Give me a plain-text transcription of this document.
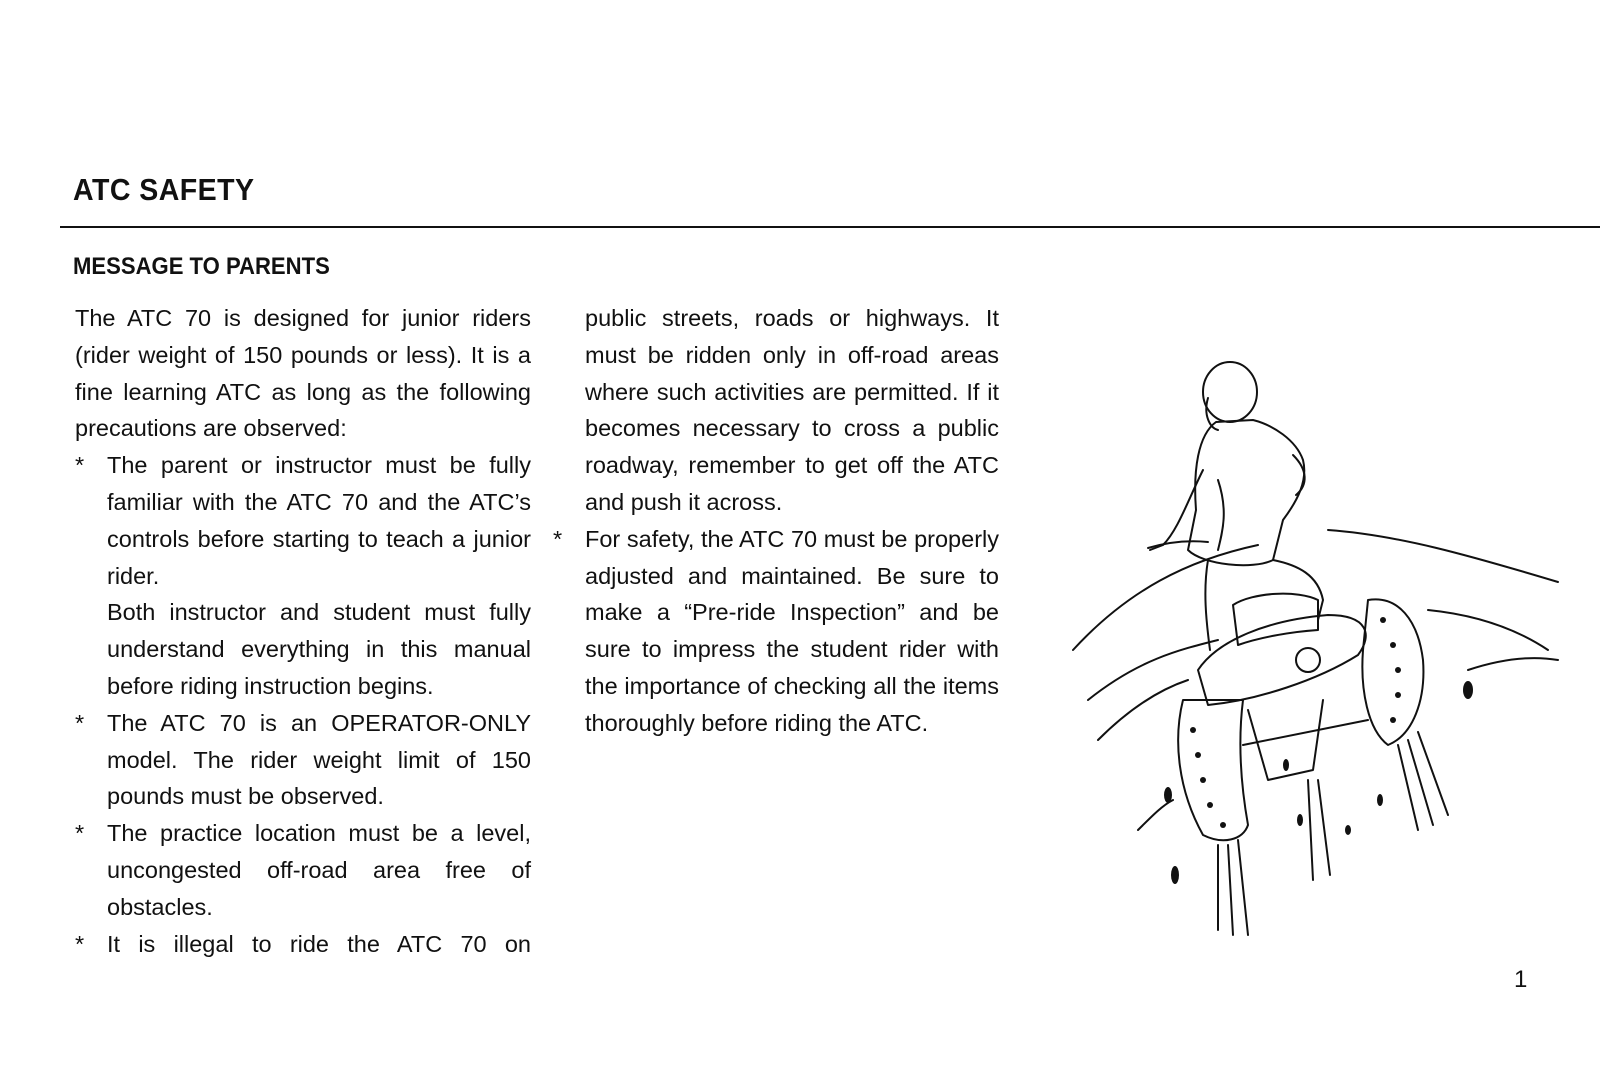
ATC SAFETY
MESSAGE TO PARENTS

The ATC 70 is designed for junior riders (rider weight of 150 pounds or less). It is a fine learning ATC as long as the following precautions are observed:

* The parent or instructor must be fully familiar with the ATC 70 and the ATC’s controls before starting to teach a junior rider.

Both instructor and student must fully understand everything in this manual before riding instruction begins.

* The ATC 70 is an OPERATOR-ONLY model. The rider weight limit of 150 pounds must be observed.

* The practice location must be a level, uncongested off-road area free of obstacles.

* It is illegal to ride the ATC 70 on

public streets, roads or highways. It must be ridden only in off-road areas where such activities are permitted. If it becomes necessary to cross a public roadway, remember to get off the ATC and push it across.

* For safety, the ATC 70 must be properly adjusted and maintained. Be sure to make a “Pre-ride Inspection” and be sure to impress the student rider with the importance of checking all the items thoroughly before riding the ATC.

1
